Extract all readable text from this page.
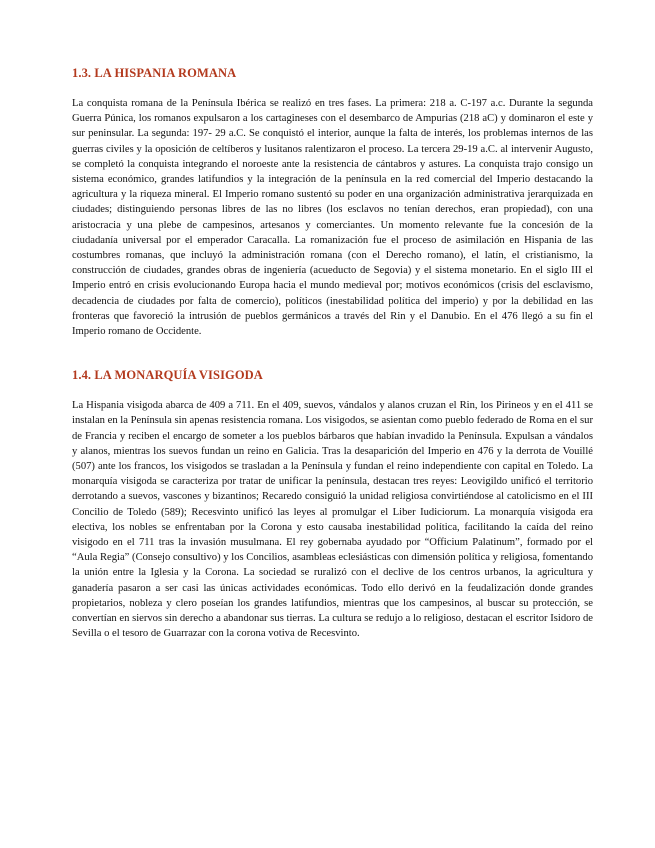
1.3. LA HISPANIA ROMANA

La conquista romana de la Península Ibérica se realizó en tres fases. La primera: 218 a. C-197 a.c. Durante la segunda Guerra Púnica, los romanos expulsaron a los cartagineses con el desembarco de Ampurias (218 aC) y dominaron el este y sur peninsular. La segunda: 197- 29 a.C. Se conquistó el interior, aunque la falta de interés, los problemas internos de las guerras civiles y la oposición de celtíberos y lusitanos ralentizaron el proceso. La tercera 29-19 a.C. al intervenir Augusto, se completó la conquista integrando el noroeste ante la resistencia de cántabros y astures. La conquista trajo consigo un sistema económico, grandes latifundios y la integración de la península en la red comercial del Imperio destacando la agricultura y la riqueza mineral. El Imperio romano sustentó su poder en una organización administrativa jerarquizada en ciudades; distinguiendo personas libres de las no libres (los esclavos no tenían derechos, eran propiedad), con una aristocracia y una plebe de campesinos, artesanos y comerciantes. Un momento relevante fue la concesión de la ciudadanía universal por el emperador Caracalla. La romanización fue el proceso de asimilación en Hispania de las costumbres romanas, que incluyó la administración romana (con el Derecho romano), el latín, el cristianismo, la construcción de ciudades, grandes obras de ingeniería (acueducto de Segovia) y el sistema monetario. En el siglo III el Imperio entró en crisis evolucionando Europa hacia el mundo medieval por; motivos económicos (crisis del esclavismo, decadencia de ciudades por falta de comercio), políticos (inestabilidad política del imperio) y por la debilidad en las fronteras que favoreció la intrusión de pueblos germánicos a través del Rin y el Danubio. En el 476 llegó a su fin el Imperio romano de Occidente.

1.4. LA MONARQUÍA VISIGODA

La Hispania visigoda abarca de 409 a 711. En el 409, suevos, vándalos y alanos cruzan el Rin, los Pirineos y en el 411 se instalan en la Península sin apenas resistencia romana. Los visigodos, se asientan como pueblo federado de Roma en el sur de Francia y reciben el encargo de someter a los pueblos bárbaros que habían invadido la Península. Expulsan a vándalos y alanos, mientras los suevos fundan un reino en Galicia. Tras la desaparición del Imperio en 476 y la derrota de Vouillé (507) ante los francos, los visigodos se trasladan a la Península y fundan el reino independiente con capital en Toledo. La monarquía visigoda se caracteriza por tratar de unificar la península, destacan tres reyes: Leovigildo unificó el territorio derrotando a suevos, vascones y bizantinos; Recaredo consiguió la unidad religiosa convirtiéndose al catolicismo en el III Concilio de Toledo (589); Recesvinto unificó las leyes al promulgar el Liber Iudiciorum. La monarquía visigoda era electiva, los nobles se enfrentaban por la Corona y esto causaba inestabilidad política, facilitando la caída del reino visigodo en el 711 tras la invasión musulmana. El rey gobernaba ayudado por “Officium Palatinum”, formado por el “Aula Regia” (Consejo consultivo) y los Concilios, asambleas eclesiásticas con dimensión política y religiosa, fomentando la unión entre la Iglesia y la Corona. La sociedad se ruralizó con el declive de los centros urbanos, la agricultura y ganadería pasaron a ser casi las únicas actividades económicas. Todo ello derivó en la feudalización donde grandes propietarios, nobleza y clero poseían los grandes latifundios, mientras que los campesinos, al buscar su protección, se convertían en siervos sin derecho a abandonar sus tierras. La cultura se redujo a lo religioso, destacan el escritor Isidoro de Sevilla o el tesoro de Guarrazar con la corona votiva de Recesvinto.
